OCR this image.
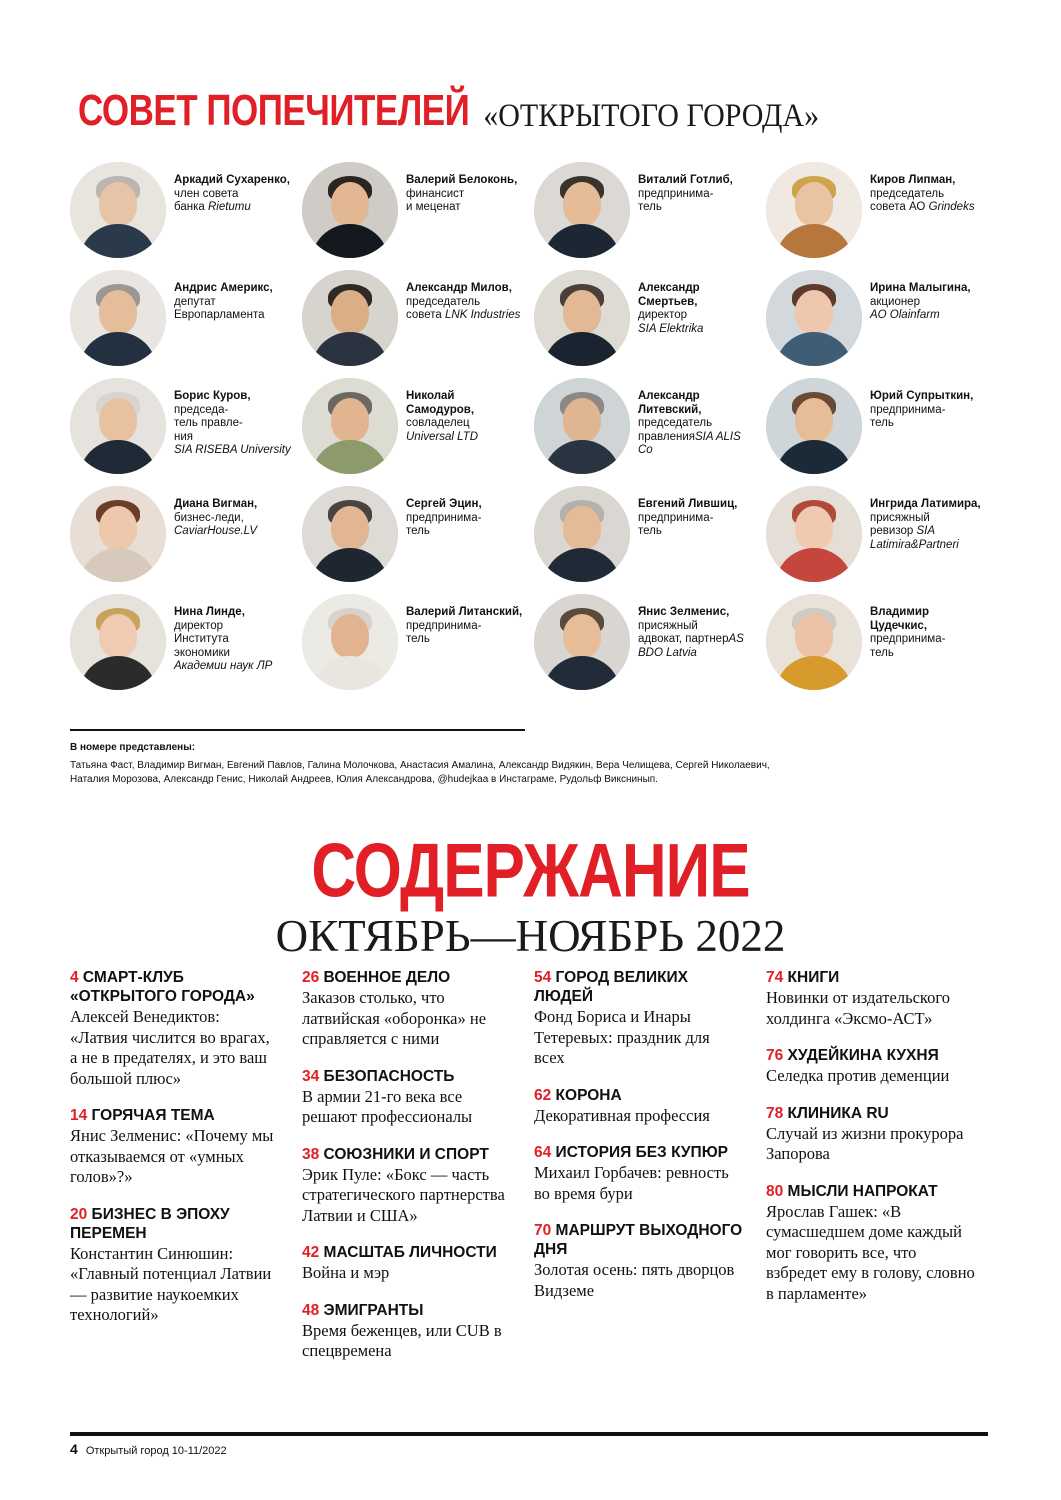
СОВЕТ ПОПЕЧИТЕЛЕЙ «ОТКРЫТОГО ГОРОДА»
Аркадий Сухаренко,
член совета
банка Rietumu
Валерий Белоконь,
финансист
и меценат
Виталий Готлиб,
предпринима-
тель
Киров Липман,
председатель
совета АО Grindeks
Андрис Америкс,
депутат
Европарламента
Александр Милов,
председатель
совета LNK Industries
Александр Смертьев,
директор
SIA Elektrika
Ирина Малыгина,
акционер
AO Olainfarm
Борис Куров,
председа-
тель правле-
ния
SIA RISEBA University
Николай Самодуров,
совладелец
Universal LTD
Александр Литевский,
председатель
правленияSIA ALIS Co
Юрий Супрыткин,
предпринима-
тель
Диана Вигман,
бизнес-леди,
CaviarHouse.LV
Сергей Эцин,
предпринима-
тель
Евгений Лившиц,
предпринима-
тель
Ингрида Латимира,
присяжный
ревизор SIA Latimira&Partneri
Нина Линде,
директор
Института
экономики
Академии наук ЛР
Валерий Литанский,
предпринима-
тель
Янис Зелменис,
присяжный
адвокат, партнерAS BDO Latvia
Владимир Цудечкис,
предпринима-
тель
В номере представлены:
Татьяна Фаст, Владимир Вигман, Евгений Павлов, Галина Молочкова, Анастасия Амалина, Александр Видякин, Вера Челищева, Сергей Николаевич, Наталия Морозова, Александр Генис, Николай Андреев, Юлия Александрова, @hudejkaa в Инстаграме, Рудольф Викснинып.
СОДЕРЖАНИЕ
ОКТЯБРЬ—НОЯБРЬ 2022
4 СМАРТ-КЛУБ «ОТКРЫТОГО ГОРОДА»
Алексей Венедиктов: «Латвия числится во врагах, а не в предателях, и это ваш большой плюс»
14 ГОРЯЧАЯ ТЕМА
Янис Зелменис: «Почему мы отказываемся от «умных голов»?»
20 БИЗНЕС В ЭПОХУ ПЕРЕМЕН
Константин Синюшин: «Главный потенциал Латвии — развитие наукоемких технологий»
26 ВОЕННОЕ ДЕЛО
Заказов столько, что латвийская «оборонка» не справляется с ними
34 БЕЗОПАСНОСТЬ
В армии 21-го века все решают профессионалы
38 СОЮЗНИКИ И СПОРТ
Эрик Пуле: «Бокс — часть стратегического партнерства Латвии и США»
42 МАСШТАБ ЛИЧНОСТИ
Война и мэр
48 ЭМИГРАНТЫ
Время беженцев, или CUB в спецвремена
54 ГОРОД ВЕЛИКИХ ЛЮДЕЙ
Фонд Бориса и Инары Тетеревых: праздник для всех
62 КОРОНА
Декоративная профессия
64 ИСТОРИЯ БЕЗ КУПЮР
Михаил Горбачев: ревность во время бури
70 МАРШРУТ ВЫХОДНОГО ДНЯ
Золотая осень: пять дворцов Видземе
74 КНИГИ
Новинки от издательского холдинга «Эксмо-АСТ»
76 ХУДЕЙКИНА КУХНЯ
Селедка против деменции
78 КЛИНИКА RU
Случай из жизни прокурора Запорова
80 МЫСЛИ НАПРОКАТ
Ярослав Гашек: «В сумасшедшем доме каждый мог говорить все, что взбредет ему в голову, словно в парламенте»
4 Открытый город 10-11/2022
